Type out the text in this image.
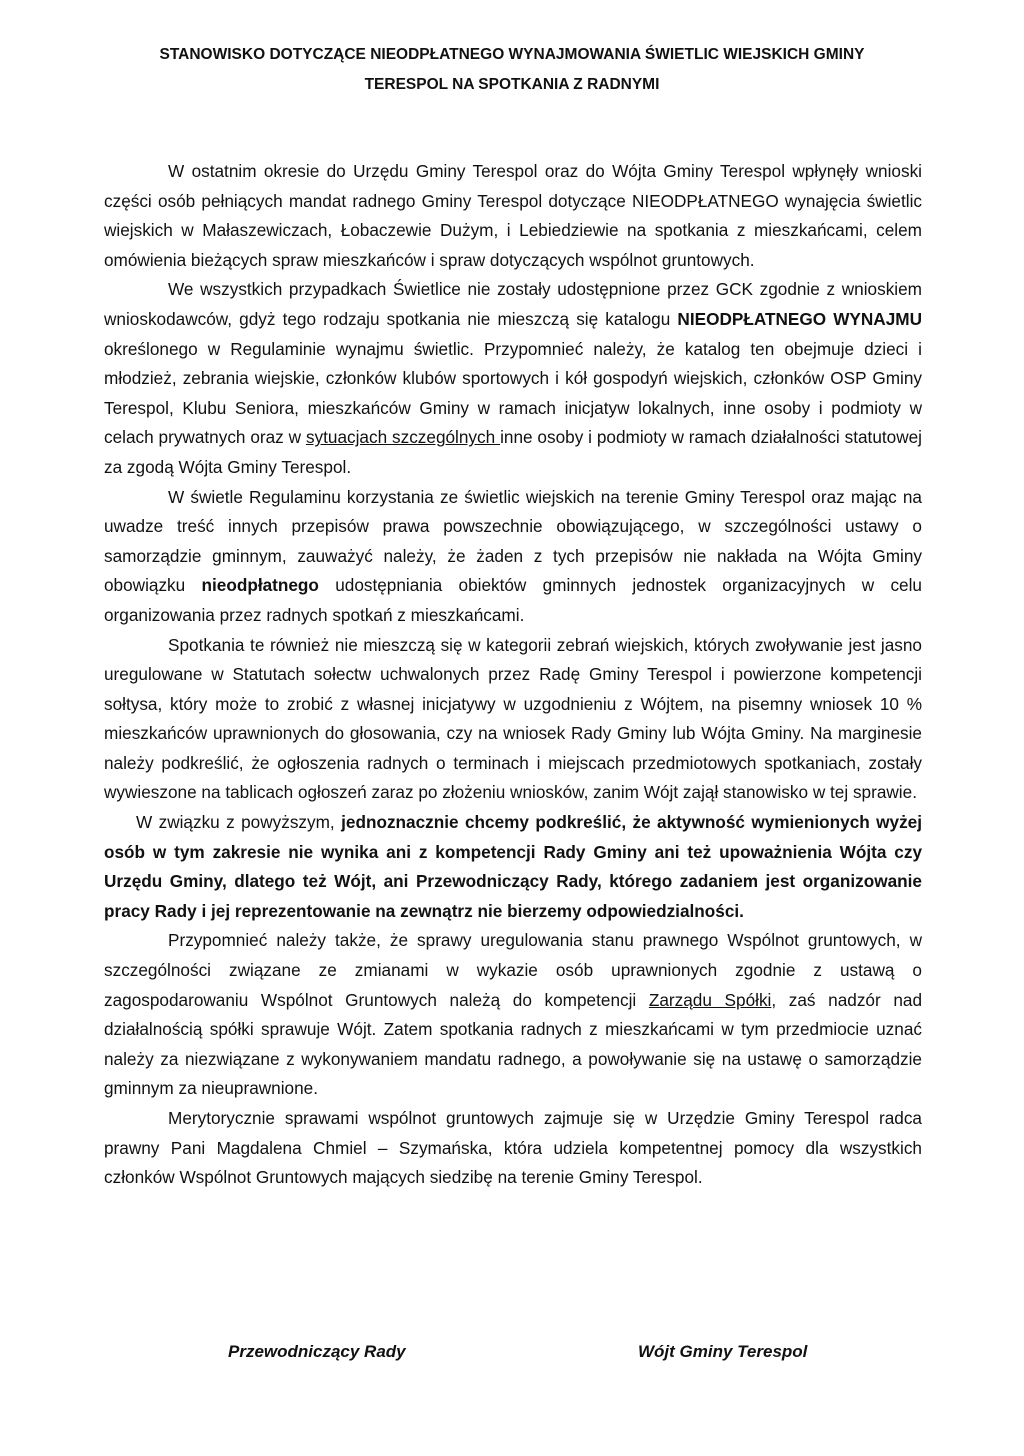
STANOWISKO DOTYCZĄCE NIEODPŁATNEGO WYNAJMOWANIA ŚWIETLIC WIEJSKICH GMINY
TERESPOL NA SPOTKANIA Z RADNYMI

W ostatnim okresie do Urzędu Gminy Terespol oraz do Wójta Gminy Terespol wpłynęły wnioski części osób pełniących mandat radnego Gminy Terespol dotyczące NIEODPŁATNEGO wynajęcia świetlic wiejskich w Małaszewiczach, Łobaczewie Dużym, i Lebiedziewie na spotkania z mieszkańcami, celem omówienia bieżących spraw mieszkańców i spraw dotyczących wspólnot gruntowych.

We wszystkich przypadkach Świetlice nie zostały udostępnione przez GCK zgodnie z wnioskiem wnioskodawców, gdyż tego rodzaju spotkania nie mieszczą się katalogu NIEODPŁATNEGO WYNAJMU określonego w Regulaminie wynajmu świetlic. Przypomnieć należy, że katalog ten obejmuje dzieci i młodzież, zebrania wiejskie, członków klubów sportowych i kół gospodyń wiejskich, członków OSP Gminy Terespol, Klubu Seniora, mieszkańców Gminy w ramach inicjatyw lokalnych, inne osoby i podmioty w celach prywatnych oraz w sytuacjach szczególnych inne osoby i podmioty w ramach działalności statutowej za zgodą Wójta Gminy Terespol.

W świetle Regulaminu korzystania ze świetlic wiejskich na terenie Gminy Terespol oraz mając na uwadze treść innych przepisów prawa powszechnie obowiązującego, w szczególności ustawy o samorządzie gminnym, zauważyć należy, że żaden z tych przepisów nie nakłada na Wójta Gminy obowiązku nieodpłatnego udostępniania obiektów gminnych jednostek organizacyjnych w celu organizowania przez radnych spotkań z mieszkańcami.

Spotkania te również nie mieszczą się w kategorii zebrań wiejskich, których zwoływanie jest jasno uregulowane w Statutach sołectw uchwalonych przez Radę Gminy Terespol i powierzone kompetencji sołtysa, który może to zrobić z własnej inicjatywy w uzgodnieniu z Wójtem, na pisemny wniosek 10 % mieszkańców uprawnionych do głosowania, czy na wniosek Rady Gminy lub Wójta Gminy. Na marginesie należy podkreślić, że ogłoszenia radnych o terminach i miejscach przedmiotowych spotkaniach, zostały wywieszone na tablicach ogłoszeń zaraz po złożeniu wniosków, zanim Wójt zajął stanowisko w tej sprawie.

W związku z powyższym, jednoznacznie chcemy podkreślić, że aktywność wymienionych wyżej osób w tym zakresie nie wynika ani z kompetencji Rady Gminy ani też upoważnienia Wójta czy Urzędu Gminy, dlatego też Wójt, ani Przewodniczący Rady, którego zadaniem jest organizowanie pracy Rady i jej reprezentowanie na zewnątrz nie bierzemy odpowiedzialności.

Przypomnieć należy także, że sprawy uregulowania stanu prawnego Wspólnot gruntowych, w szczególności związane ze zmianami w wykazie osób uprawnionych zgodnie z ustawą o zagospodarowaniu Wspólnot Gruntowych należą do kompetencji Zarządu Spółki, zaś nadzór nad działalnością spółki sprawuje Wójt. Zatem spotkania radnych z mieszkańcami w tym przedmiocie uznać należy za niezwiązane z wykonywaniem mandatu radnego, a powoływanie się na ustawę o samorządzie gminnym za nieuprawnione.

Merytorycznie sprawami wspólnot gruntowych zajmuje się w Urzędzie Gminy Terespol radca prawny Pani Magdalena Chmiel – Szymańska, która udziela kompetentnej pomocy dla wszystkich członków Wspólnot Gruntowych mających siedzibę na terenie Gminy Terespol.

Przewodniczący Rady	Wójt Gminy Terespol
